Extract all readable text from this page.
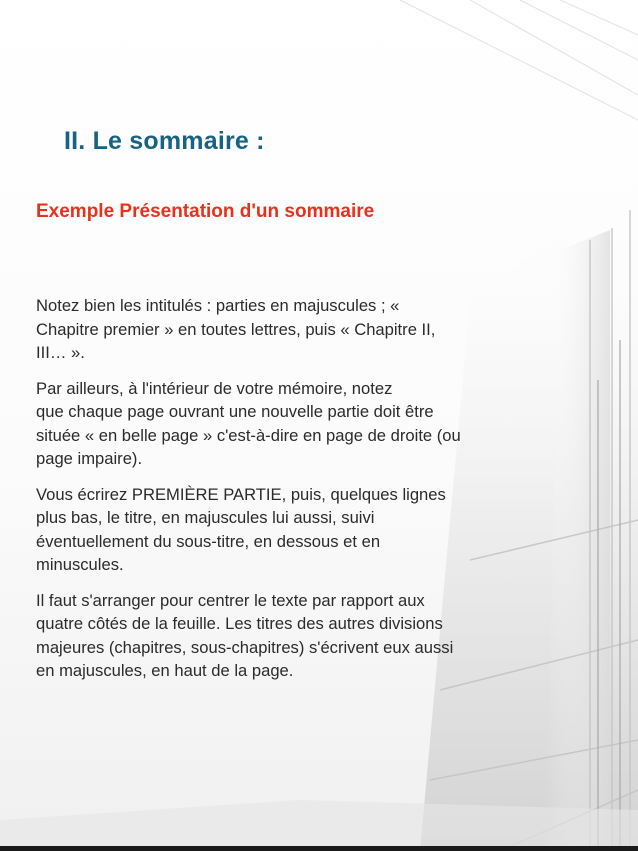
II. Le sommaire :
Exemple Présentation d'un sommaire

Notez bien les intitulés : parties en majuscules ; «
Chapitre premier » en toutes lettres, puis « Chapitre II,
III… ».

Par ailleurs, à l'intérieur de votre mémoire, notez
que chaque page ouvrant une nouvelle partie doit être
située « en belle page » c'est-à-dire en page de droite (ou
page impaire).

Vous écrirez PREMIÈRE PARTIE, puis, quelques lignes
plus bas, le titre, en majuscules lui aussi, suivi
éventuellement du sous-titre, en dessous et en
minuscules.

Il faut s'arranger pour centrer le texte par rapport aux
quatre côtés de la feuille. Les titres des autres divisions
majeures (chapitres, sous-chapitres) s'écrivent eux aussi
en majuscules, en haut de la page.
